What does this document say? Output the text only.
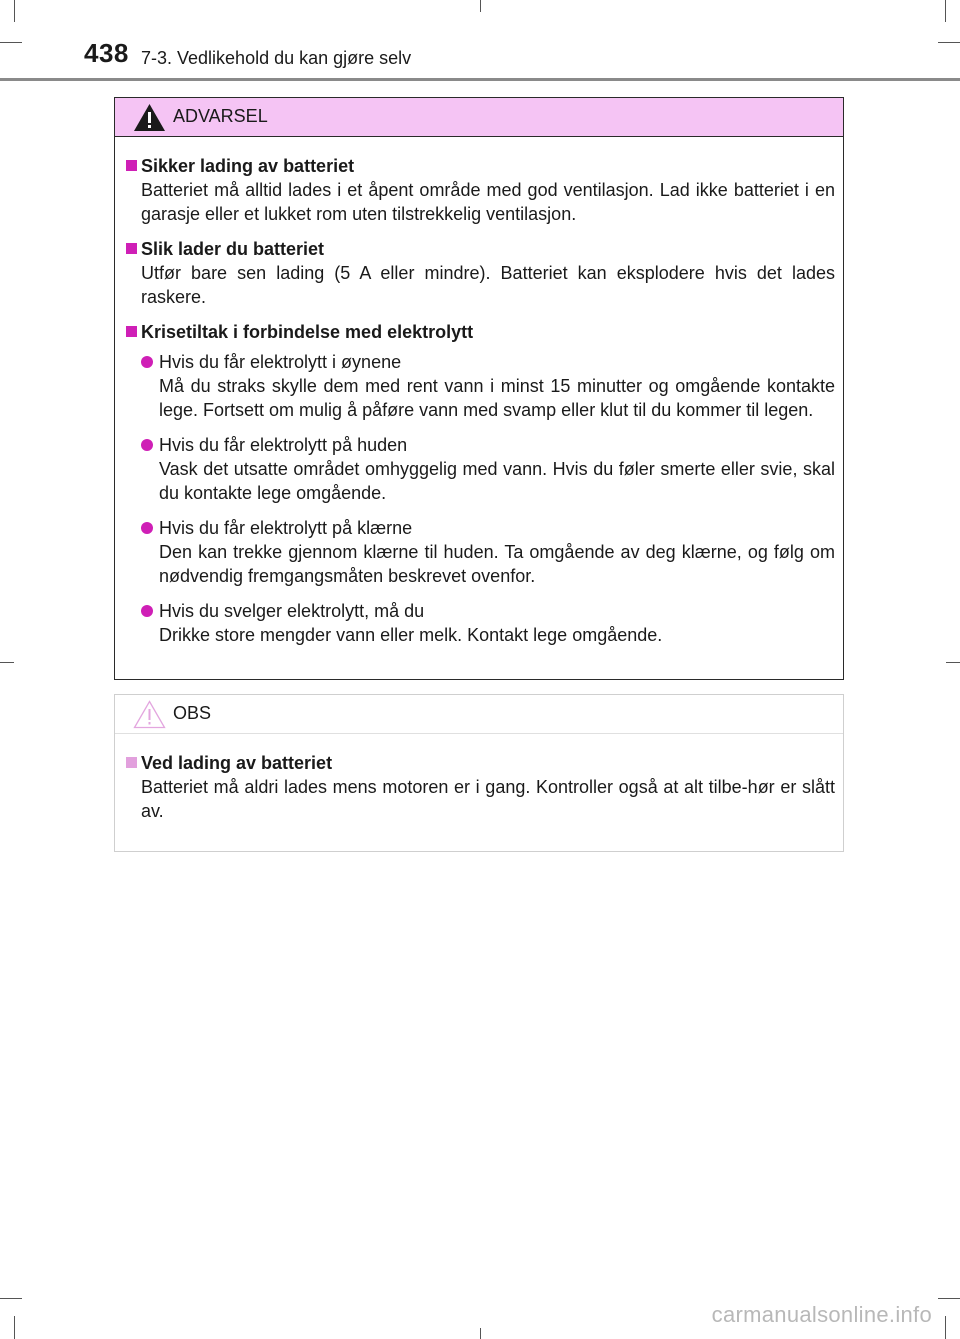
438 7-3. Vedlikehold du kan gjøre selv
ADVARSEL
Sikker lading av batteriet
Batteriet må alltid lades i et åpent område med god ventilasjon. Lad ikke batteriet i en garasje eller et lukket rom uten tilstrekkelig ventilasjon.
Slik lader du batteriet
Utfør bare sen lading (5 A eller mindre). Batteriet kan eksplodere hvis det lades raskere.
Krisetiltak i forbindelse med elektrolytt
Hvis du får elektrolytt i øynene
Må du straks skylle dem med rent vann i minst 15 minutter og omgående kontakte lege. Fortsett om mulig å påføre vann med svamp eller klut til du kommer til legen.
Hvis du får elektrolytt på huden
Vask det utsatte området omhyggelig med vann. Hvis du føler smerte eller svie, skal du kontakte lege omgående.
Hvis du får elektrolytt på klærne
Den kan trekke gjennom klærne til huden. Ta omgående av deg klærne, og følg om nødvendig fremgangsmåten beskrevet ovenfor.
Hvis du svelger elektrolytt, må du
Drikke store mengder vann eller melk. Kontakt lege omgående.
OBS
Ved lading av batteriet
Batteriet må aldri lades mens motoren er i gang. Kontroller også at alt tilbe-hør er slått av.
carmanualsonline.info
